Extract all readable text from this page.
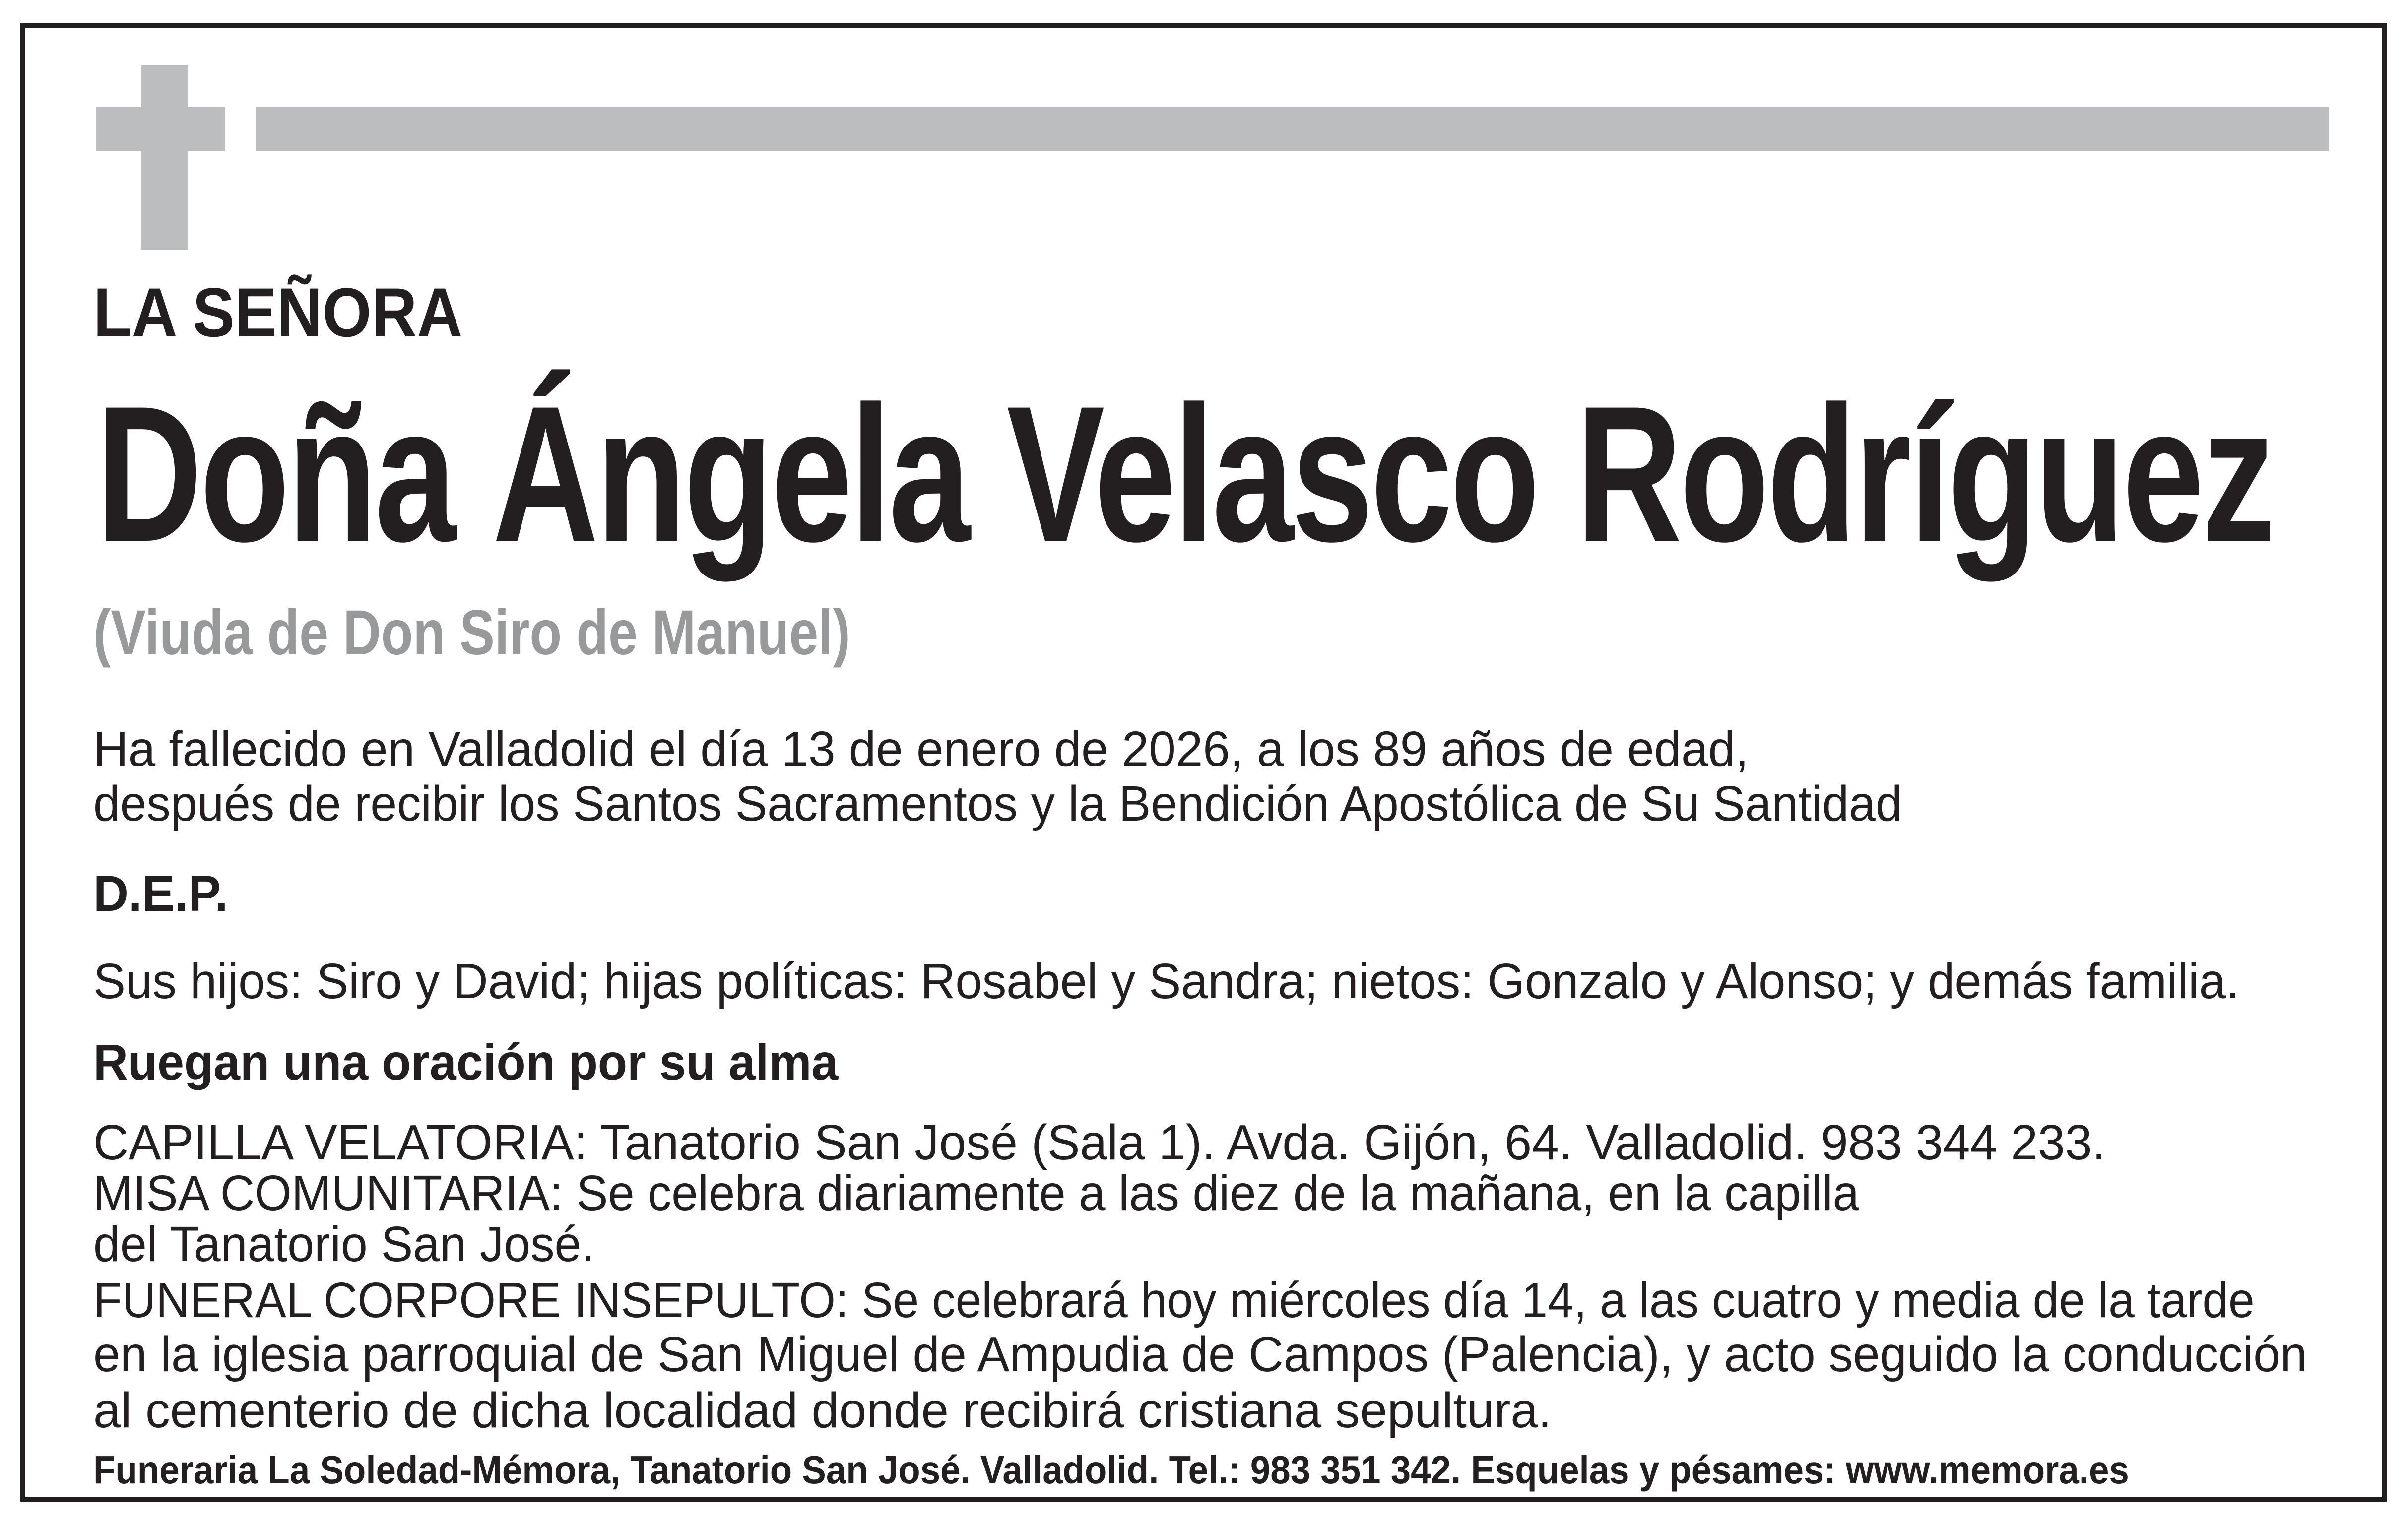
LA SEÑORA
Doña Ángela Velasco Rodríguez
(Viuda de Don Siro de Manuel)
Ha fallecido en Valladolid el día 13 de enero de 2026, a los 89 años de edad,
después de recibir los Santos Sacramentos y la Bendición Apostólica de Su Santidad
D.E.P.
Sus hijos: Siro y David; hijas políticas: Rosabel y Sandra; nietos: Gonzalo y Alonso; y demás familia.
Ruegan una oración por su alma
CAPILLA VELATORIA: Tanatorio San José (Sala 1). Avda. Gijón, 64. Valladolid. 983 344 233.
MISA COMUNITARIA: Se celebra diariamente a las diez de la mañana, en la capilla
del Tanatorio San José.
FUNERAL CORPORE INSEPULTO: Se celebrará hoy miércoles día 14, a las cuatro y media de la tarde
en la iglesia parroquial de San Miguel de Ampudia de Campos (Palencia), y acto seguido la conducción
al cementerio de dicha localidad donde recibirá cristiana sepultura.
Funeraria La Soledad-Mémora, Tanatorio San José. Valladolid. Tel.: 983 351 342. Esquelas y pésames: www.memora.es
